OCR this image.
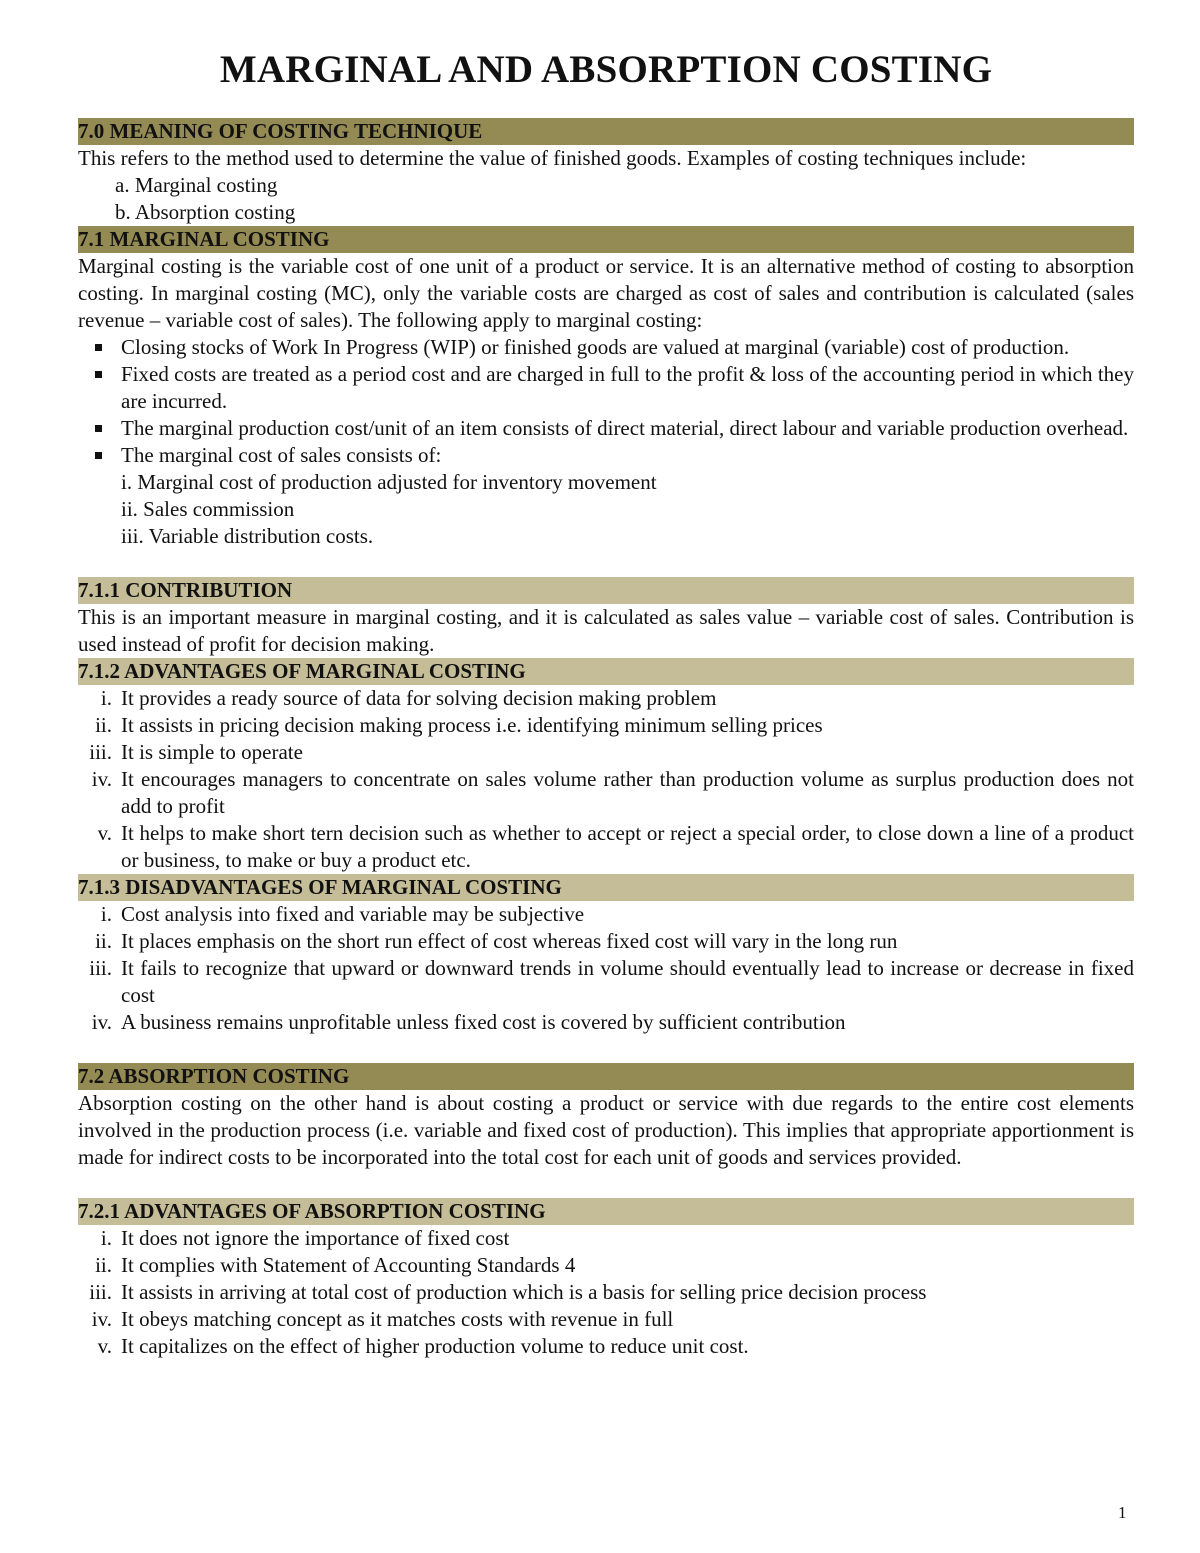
MARGINAL AND ABSORPTION COSTING
7.0 MEANING OF COSTING TECHNIQUE

This refers to the method used to determine the value of finished goods. Examples of costing techniques include:

a. Marginal costing
b. Absorption costing
7.1 MARGINAL COSTING

Marginal costing is the variable cost of one unit of a product or service. It is an alternative method of costing to absorption costing. In marginal costing (MC), only the variable costs are charged as cost of sales and contribution is calculated (sales revenue – variable cost of sales). The following apply to marginal costing:

Closing stocks of Work In Progress (WIP) or finished goods are valued at marginal (variable) cost of production.
Fixed costs are treated as a period cost and are charged in full to the profit & loss of the accounting period in which they are incurred.
The marginal production cost/unit of an item consists of direct material, direct labour and variable production overhead.
The marginal cost of sales consists of:
i. Marginal cost of production adjusted for inventory movement
ii. Sales commission
iii. Variable distribution costs.
7.1.1 CONTRIBUTION

This is an important measure in marginal costing, and it is calculated as sales value – variable cost of sales. Contribution is used instead of profit for decision making.

7.1.2 ADVANTAGES OF MARGINAL COSTING
i. It provides a ready source of data for solving decision making problem
ii. It assists in pricing decision making process i.e. identifying minimum selling prices
iii. It is simple to operate
iv. It encourages managers to concentrate on sales volume rather than production volume as surplus production does not add to profit
v. It helps to make short tern decision such as whether to accept or reject a special order, to close down a line of a product or business, to make or buy a product etc.
7.1.3 DISADVANTAGES OF MARGINAL COSTING
i. Cost analysis into fixed and variable may be subjective
ii. It places emphasis on the short run effect of cost whereas fixed cost will vary in the long run
iii. It fails to recognize that upward or downward trends in volume should eventually lead to increase or decrease in fixed cost
iv. A business remains unprofitable unless fixed cost is covered by sufficient contribution
7.2 ABSORPTION COSTING

Absorption costing on the other hand is about costing a product or service with due regards to the entire cost elements involved in the production process (i.e. variable and fixed cost of production). This implies that appropriate apportionment is made for indirect costs to be incorporated into the total cost for each unit of goods and services provided.

7.2.1 ADVANTAGES OF ABSORPTION COSTING
i. It does not ignore the importance of fixed cost
ii. It complies with Statement of Accounting Standards 4
iii. It assists in arriving at total cost of production which is a basis for selling price decision process
iv. It obeys matching concept as it matches costs with revenue in full
v. It capitalizes on the effect of higher production volume to reduce unit cost.
1
